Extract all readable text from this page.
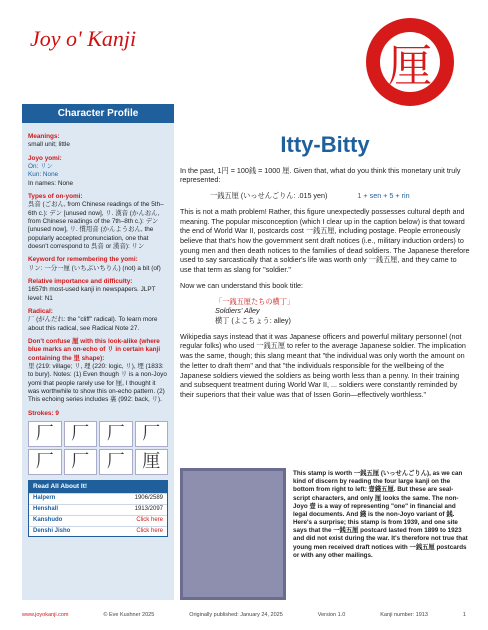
Joy o' Kanji
厘
Character Profile
Meanings:
small unit; little
Joyo yomi:
On: リン
Kun: None
In names: None
Types of on-yomi:
呉音 (ごおん, from Chinese readings of the 5th–6th c.): デン [unused now], リ. 漢音 (かんおん, from Chinese readings of the 7th–8th c.): デン [unused now], リ. 慣用音 (かんようおん, the popularly accepted pronunciation, one that doesn't correspond to 呉音 or 漢音): リン
Keyword for remembering the yomi:
リン: 一分一厘 (いちぶいちりん) (not) a bit (of)
Relative importance and difficulty:
1657th most-used kanji in newspapers. JLPT level: N1
Radical:
厂 (がんだれ: the "cliff" radical). To learn more about this radical, see Radical Note 27.
Don't confuse 厘 with this look-alike (where blue marks an on-echo of リ in certain kanji containing the 里 shape):
里 (219: village; リ, 理 (220: logic, リ), 埋 (1833: to bury). Notes: (1) Even though リ is a non-Joyo yomi that people rarely use for 厘, I thought it was worthwhile to show this on-echo pattern. (2) This echoing series includes 裏 (992: back, リ).
Strokes: 9
厂 厂 厂 厂
厂 厂 厂 厘
Read All About It!
Halpern	1906/2589
Henshall	1913/2097
Kanshudo	Click here
Denshi Jisho	Click here
Itty-Bitty

In the past, 1円 = 100銭 = 1000 厘. Given that, what do you think this monetary unit truly represented:

一銭五厘 (いっせんごりん: .015 yen)	1 + sen + 5 + rin

This is not a math problem! Rather, this figure unexpectedly possesses cultural depth and meaning. The popular misconception (which I clear up in the caption below) is that toward the end of World War II, postcards cost 一銭五厘, including postage. People erroneously believe that that's how the government sent draft notices (i.e., military induction orders) to young men and then death notices to the families of dead soldiers. The Japanese therefore used to say sarcastically that a soldier's life was worth only 一銭五厘, and they came to use that term as slang for "soldier."

Now we can understand this book title:

「一銭五厘たちの横丁」
Soldiers' Alley
横丁 (よこちょう: alley)

Wikipedia says instead that it was Japanese officers and powerful military personnel (not regular folks) who used 一銭五厘 to refer to the average Japanese soldier. The implication was the same, though; this slang meant that "the individual was only worth the amount on the letter to draft them" and that "the individuals responsible for the wellbeing of the Japanese soldiers viewed the soldiers as being worth less than a penny. In their training and subsequent treatment during World War II, ... soldiers were constantly reminded by their superiors that their value was that of Issen Gorin—effectively worthless."

This stamp is worth 一銭五厘 (いっせんごりん), as we can kind of discern by reading the four large kanji on the bottom from right to left: 壹錢五厘. But these are seal-script characters, and only 厘 looks the same. The non-Joyo 壹 is a way of representing "one" in financial and legal documents. And 錢 is the non-Joyo variant of 銭. Here's a surprise; this stamp is from 1939, and one site says that the 一銭五厘 postcard lasted from 1899 to 1923 and did not exist during the war. It's therefore not true that young men received draft notices with 一銭五厘 postcards or with any other mailings.
www.joyokanji.com	© Eve Kushner 2025	Originally published: January 24, 2025	Version 1.0	Kanji number: 1913	1
